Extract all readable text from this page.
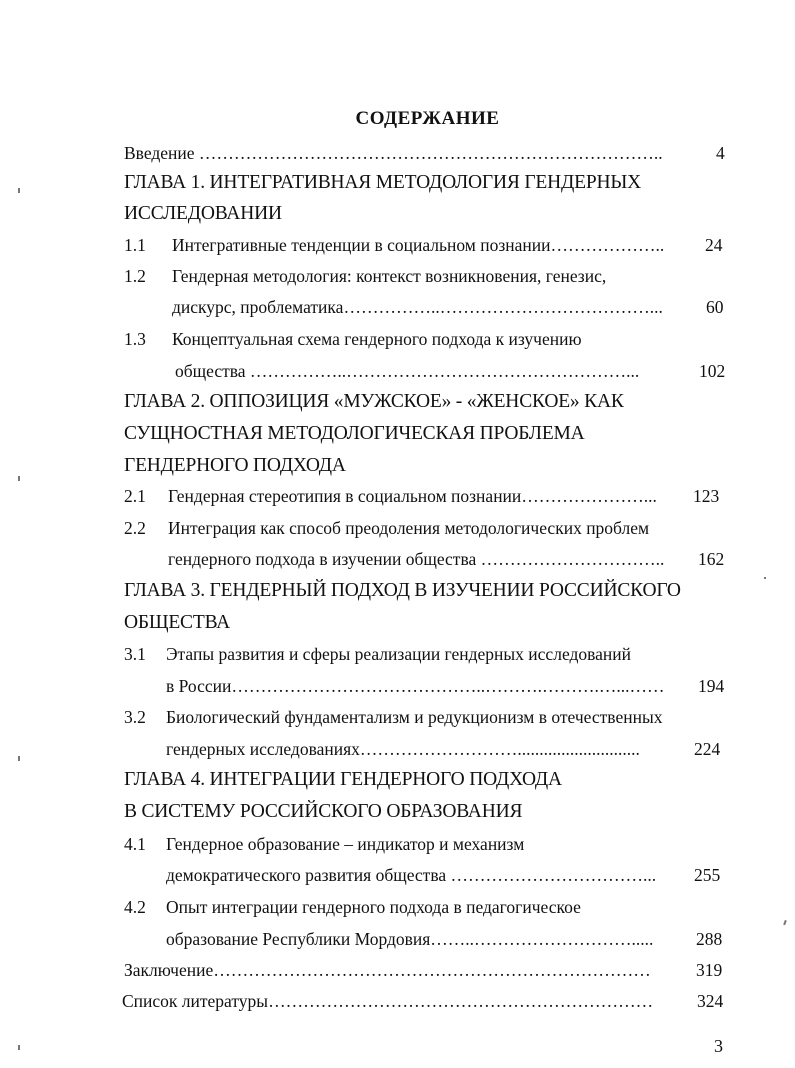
СОДЕРЖАНИЕ
Введение ……………………………………………………………………..	4
ГЛАВА 1. ИНТЕГРАТИВНАЯ МЕТОДОЛОГИЯ ГЕНДЕРНЫХ
ИССЛЕДОВАНИИ
1.1 Интегративные тенденции в социальном познании……………….. 24
1.2 Гендерная методология: контекст возникновения, генезис,
дискурс, проблематика……………..………………………………... 60
1.3 Концептуальная схема гендерного подхода к изучению
общества ……………..…………………………………………...	102
ГЛАВА 2. ОППОЗИЦИЯ «МУЖСКОЕ» - «ЖЕНСКОЕ» КАК
СУЩНОСТНАЯ МЕТОДОЛОГИЧЕСКАЯ ПРОБЛЕМА
ГЕНДЕРНОГО ПОДХОДА
2.1 Гендерная стереотипия в социальном познании…………………... 123
2.2 Интеграция как способ преодоления методологических проблем
гендерного подхода в изучении общества ………………………….. 162
ГЛАВА 3. ГЕНДЕРНЫЙ ПОДХОД В ИЗУЧЕНИИ РОССИЙСКОГО
ОБЩЕСТВА
3.1 Этапы развития и сферы реализации гендерных исследований
в России……………………………………..……….……….…...…… 194
3.2 Биологический фундаментализм и редукционизм в отечественных
гендерных исследованиях………………………............................	224
ГЛАВА 4. ИНТЕГРАЦИИ ГЕНДЕРНОГО ПОДХОДА
В СИСТЕМУ РОССИЙСКОГО ОБРАЗОВАНИЯ
4.1 Гендерное образование – индикатор и механизм
демократического развития общества ……………………………... 255
4.2 Опыт интеграции гендерного подхода в педагогическое
образование Республики Мордовия……..………………………..... 288
Заключение…………………………………………………………………	319
Список литературы…………………………………………………………	324
3
